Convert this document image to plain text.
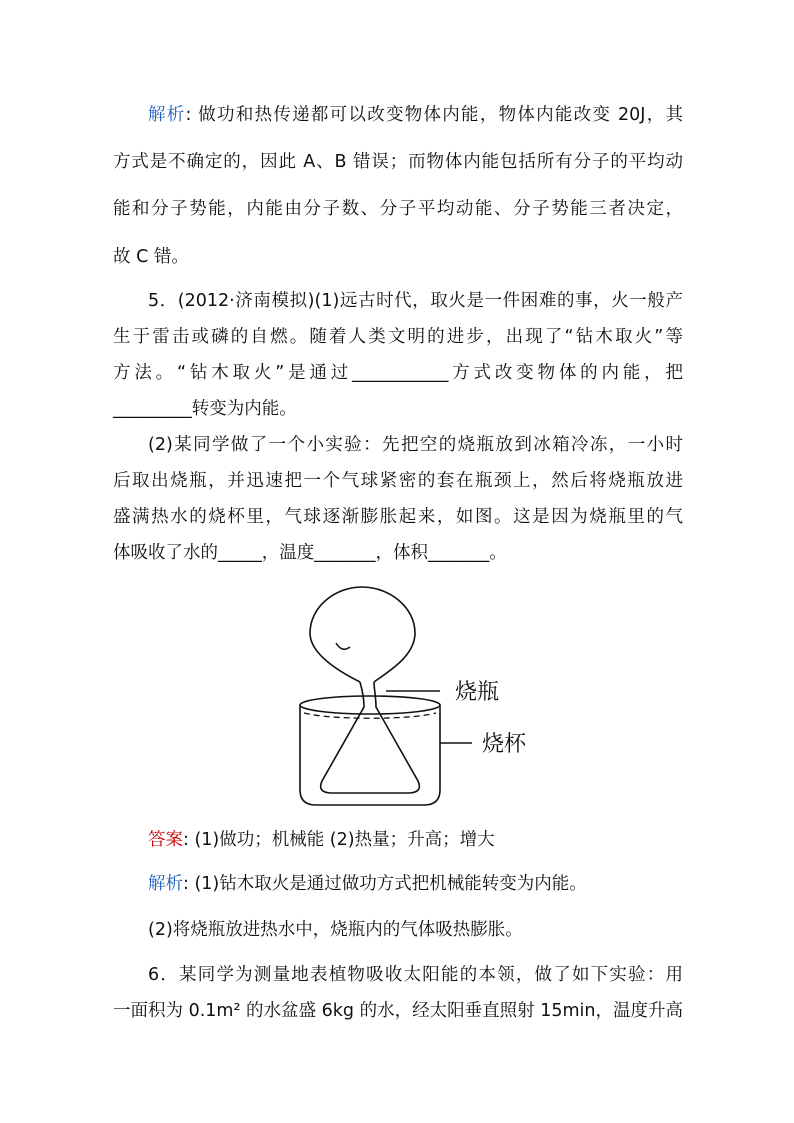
解析: 做功和热传递都可以改变物体内能，物体内能改变 20J，其
方式是不确定的，因此 A、B 错误；而物体内能包括所有分子的平均动
能和分子势能，内能由分子数、分子平均动能、分子势能三者决定，
故 C 错。
5．(2012·济南模拟)(1)远古时代，取火是一件困难的事，火一般产
生于雷击或磷的自燃。随着人类文明的进步，出现了“钻木取火”等
方法。“钻木取火”是通过___________方式改变物体的内能，把
_________转变为内能。
(2)某同学做了一个小实验：先把空的烧瓶放到冰箱冷冻，一小时
后取出烧瓶，并迅速把一个气球紧密的套在瓶颈上，然后将烧瓶放进
盛满热水的烧杯里，气球逐渐膨胀起来，如图。这是因为烧瓶里的气
体吸收了水的_____，温度_______，体积_______。
烧瓶
烧杯
答案: (1)做功；机械能 (2)热量；升高；增大
解析: (1)钻木取火是通过做功方式把机械能转变为内能。
(2)将烧瓶放进热水中，烧瓶内的气体吸热膨胀。
6．某同学为测量地表植物吸收太阳能的本领，做了如下实验：用
一面积为 0.1m² 的水盆盛 6kg 的水，经太阳垂直照射 15min，温度升高
